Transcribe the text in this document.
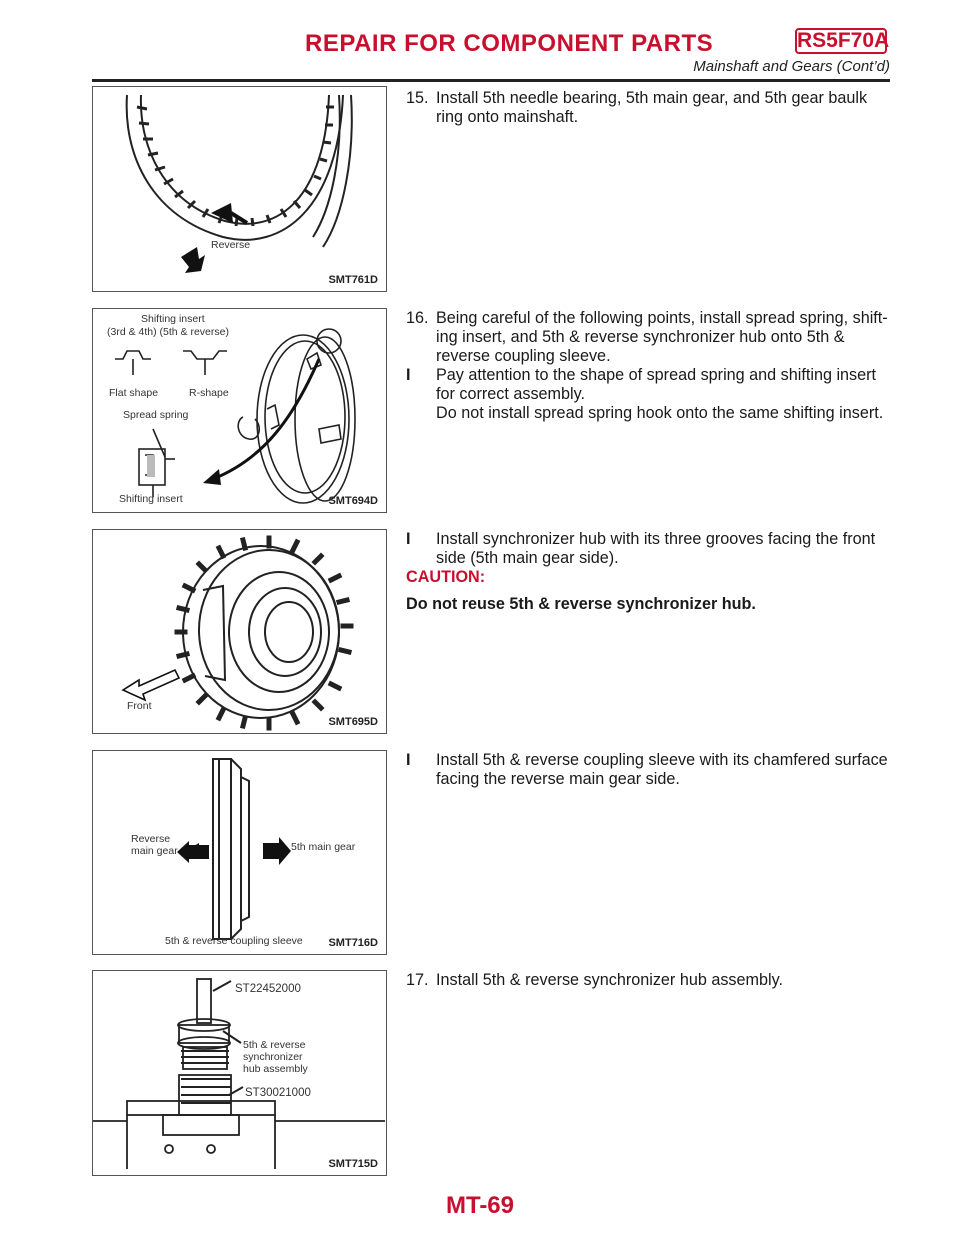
REPAIR FOR COMPONENT PARTS	RS5F70A
Mainshaft and Gears (Cont’d)
Reverse
SMT761D
Shifting insert
(3rd & 4th) (5th & reverse)
Flat shape	R-shape
Spread spring
Shifting insert	SMT694D
Front
SMT695D
Reverse
main gear	5th main gear
5th & reverse coupling sleeve SMT716D
ST22452000
5th & reverse
synchronizer
hub assembly
ST30021000
SMT715D

15. Install 5th needle bearing, 5th main gear, and 5th gear baulk

ring onto mainshaft.

16. Being careful of the following points, install spread spring, shift-

ing insert, and 5th & reverse synchronizer hub onto 5th &

reverse coupling sleeve.

I Pay attention to the shape of spread spring and shifting insert
for correct assembly.
Do not install spread spring hook onto the same shifting insert.
I Install synchronizer hub with its three grooves facing the front
side (5th main gear side).

CAUTION:

Do not reuse 5th & reverse synchronizer hub.

I Install 5th & reverse coupling sleeve with its chamfered surface
facing the reverse main gear side.

17. Install 5th & reverse synchronizer hub assembly.

MT-69
